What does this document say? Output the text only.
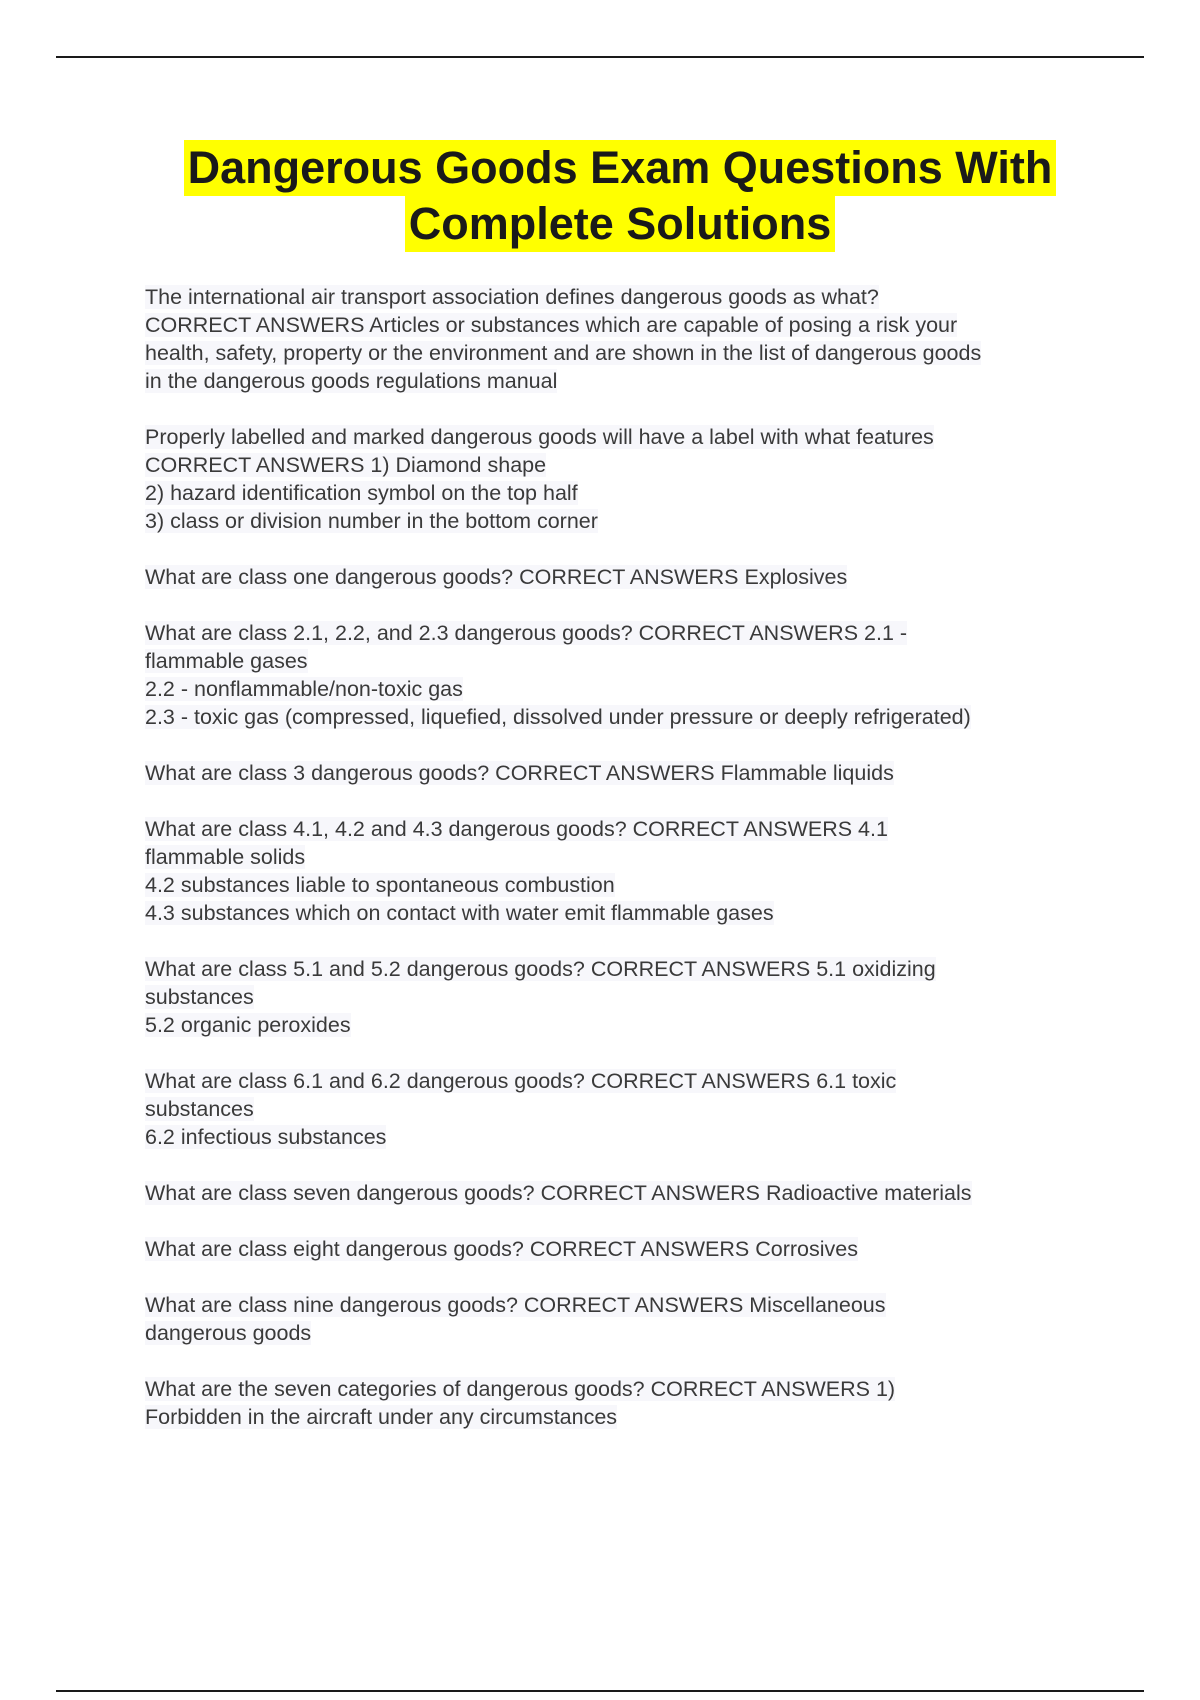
Dangerous Goods Exam Questions With
Complete Solutions
The international air transport association defines dangerous goods as what?
CORRECT ANSWERS Articles or substances which are capable of posing a risk your
health, safety, property or the environment and are shown in the list of dangerous goods
in the dangerous goods regulations manual
Properly labelled and marked dangerous goods will have a label with what features
CORRECT ANSWERS 1) Diamond shape
2) hazard identification symbol on the top half
3) class or division number in the bottom corner
What are class one dangerous goods? CORRECT ANSWERS Explosives
What are class 2.1, 2.2, and 2.3 dangerous goods? CORRECT ANSWERS 2.1 -
flammable gases
2.2 - nonflammable/non-toxic gas
2.3 - toxic gas (compressed, liquefied, dissolved under pressure or deeply refrigerated)
What are class 3 dangerous goods? CORRECT ANSWERS Flammable liquids
What are class 4.1, 4.2 and 4.3 dangerous goods? CORRECT ANSWERS 4.1
flammable solids
4.2 substances liable to spontaneous combustion
4.3 substances which on contact with water emit flammable gases
What are class 5.1 and 5.2 dangerous goods? CORRECT ANSWERS 5.1 oxidizing
substances
5.2 organic peroxides
What are class 6.1 and 6.2 dangerous goods? CORRECT ANSWERS 6.1 toxic
substances
6.2 infectious substances
What are class seven dangerous goods? CORRECT ANSWERS Radioactive materials
What are class eight dangerous goods? CORRECT ANSWERS Corrosives
What are class nine dangerous goods? CORRECT ANSWERS Miscellaneous
dangerous goods
What are the seven categories of dangerous goods? CORRECT ANSWERS 1)
Forbidden in the aircraft under any circumstances
